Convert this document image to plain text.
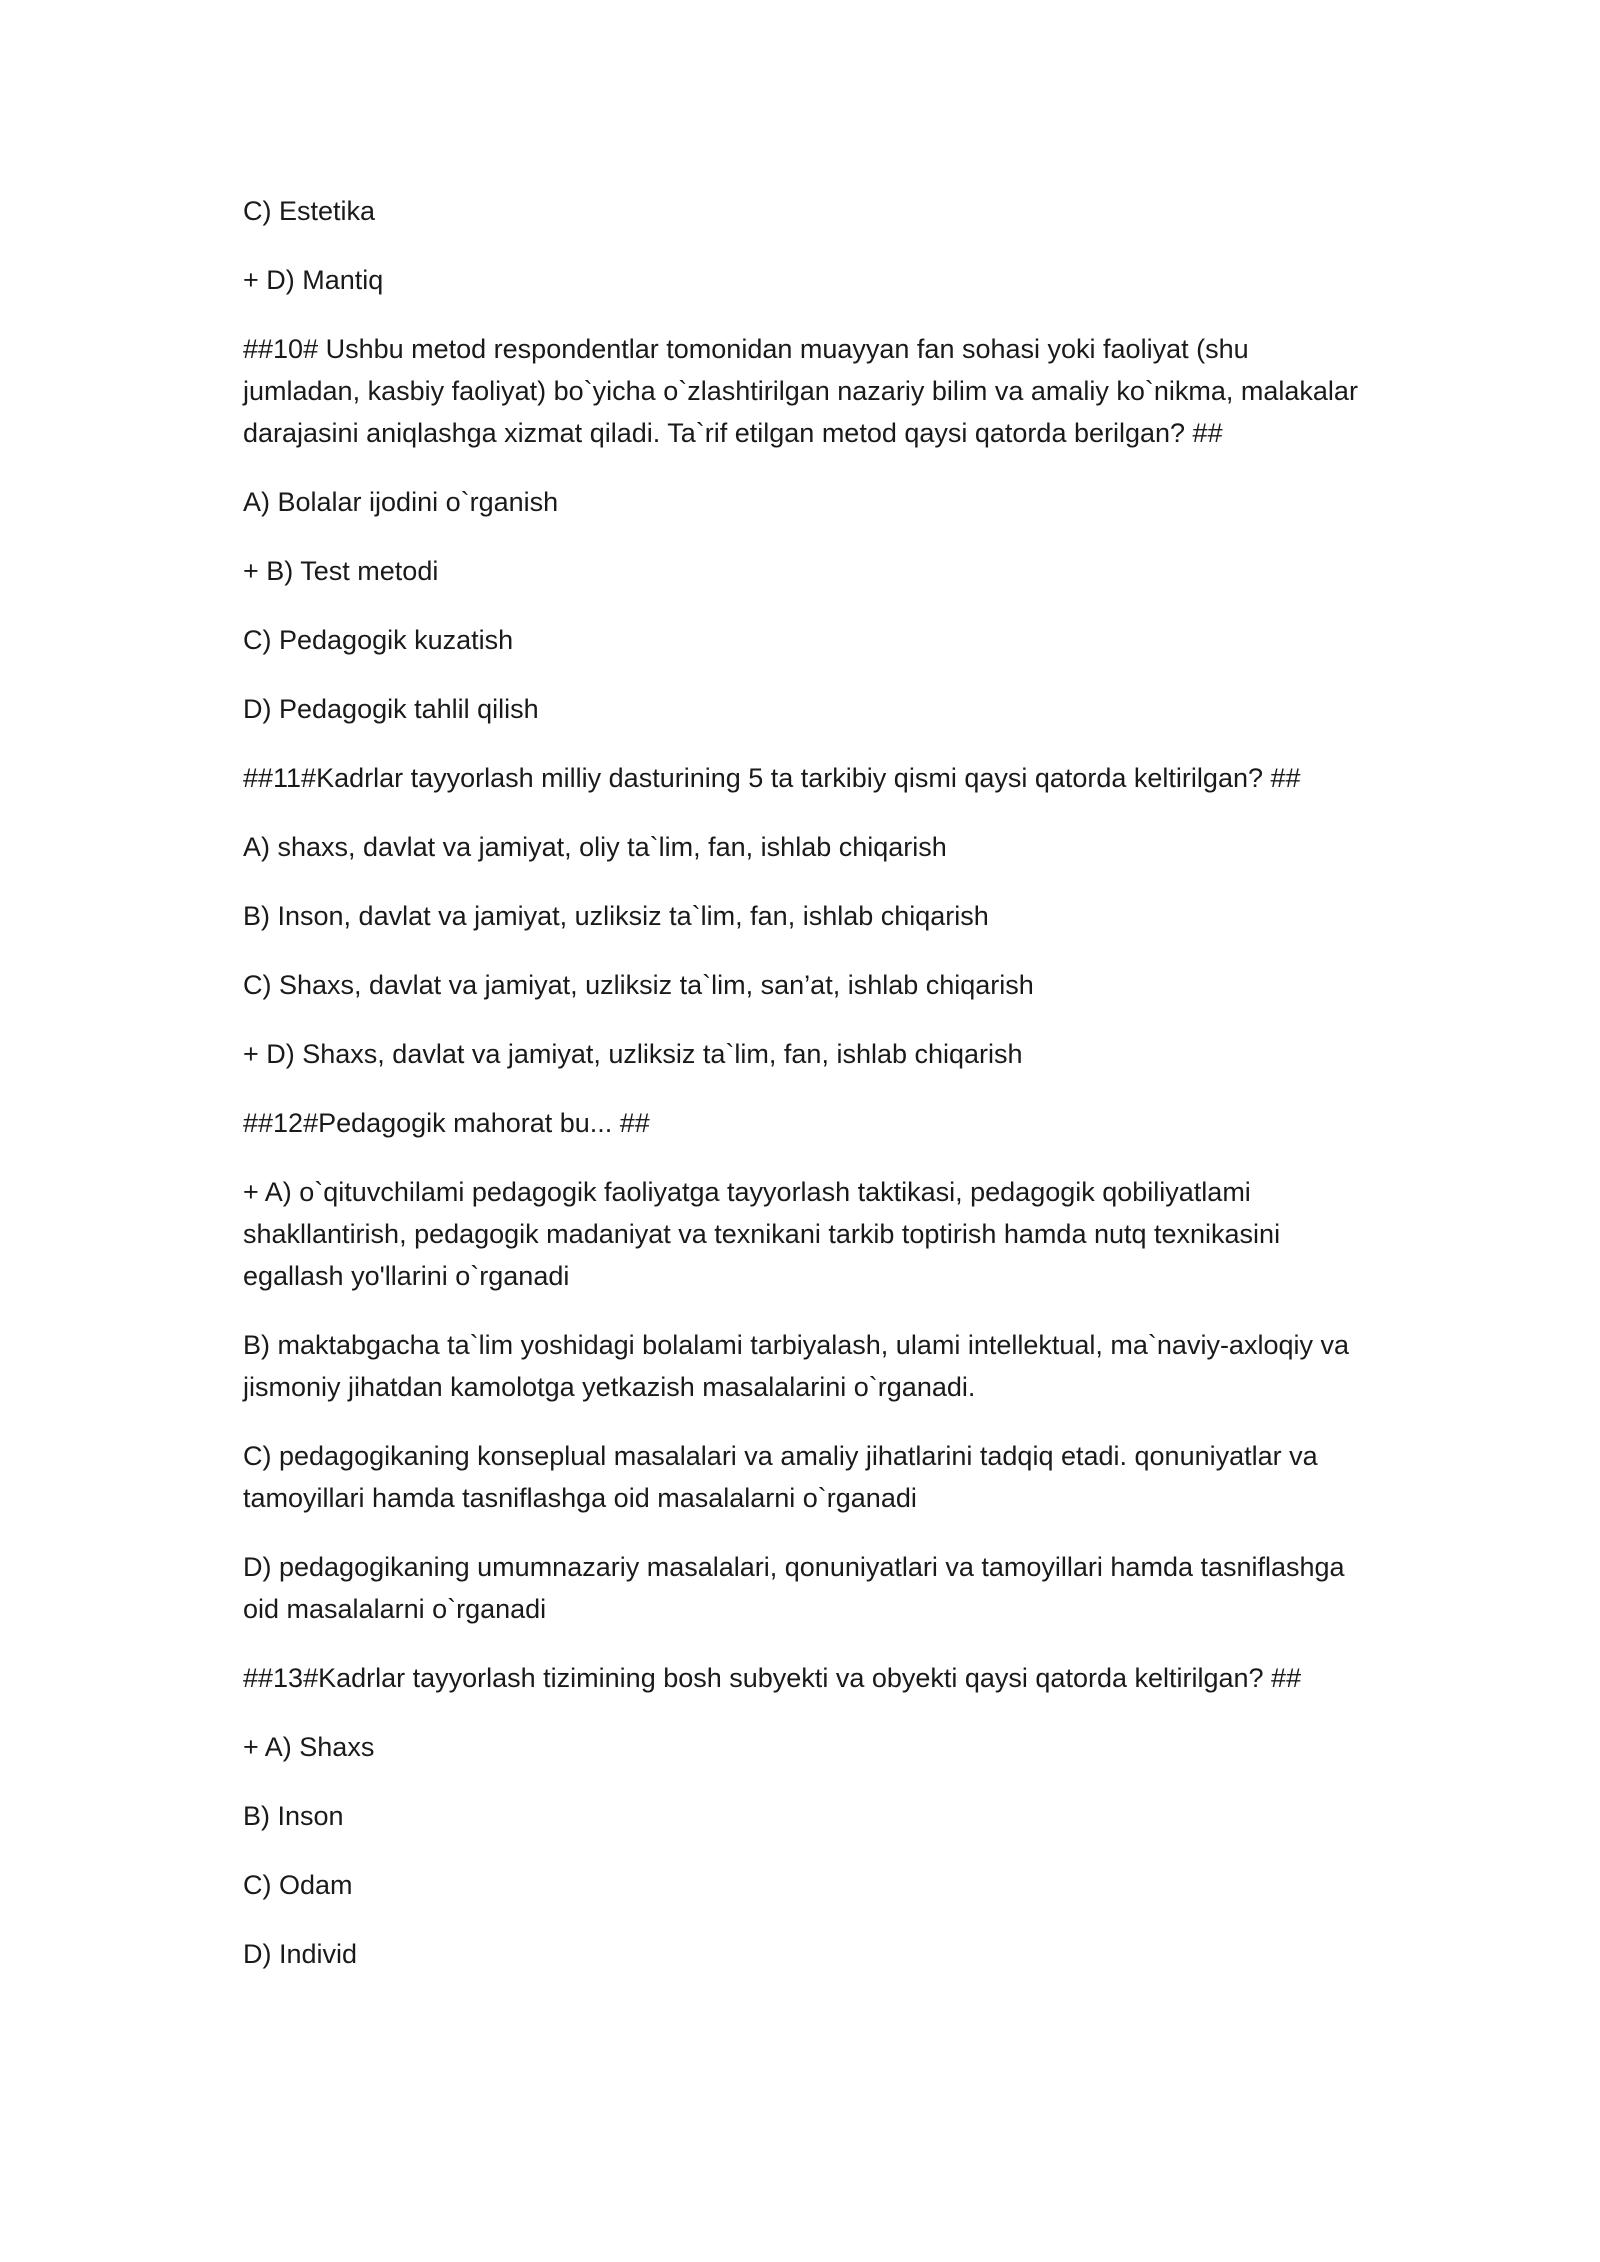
C) Estetika

+ D) Mantiq

##10# Ushbu metod respondentlar tomonidan muayyan fan sohasi yoki faoliyat (shu jumladan, kasbiy faoliyat) bo`yicha o`zlashtirilgan nazariy bilim va amaliy ko`nikma, malakalar darajasini aniqlashga xizmat qiladi. Ta`rif etilgan metod qaysi qatorda berilgan? ##

A) Bolalar ijodini o`rganish

+ B) Test metodi

C) Pedagogik kuzatish

D) Pedagogik tahlil qilish

##11#Kadrlar tayyorlash milliy dasturining 5 ta tarkibiy qismi qaysi qatorda keltirilgan? ##

A) shaxs, davlat va jamiyat, oliy ta`lim, fan, ishlab chiqarish

B) Inson, davlat va jamiyat, uzliksiz ta`lim, fan, ishlab chiqarish

C) Shaxs, davlat va jamiyat, uzliksiz ta`lim, san’at, ishlab chiqarish

+ D) Shaxs, davlat va jamiyat, uzliksiz ta`lim, fan, ishlab chiqarish

##12#Pedagogik mahorat bu... ##

+ A) o`qituvchilami pedagogik faoliyatga tayyorlash taktikasi, pedagogik qobiliyatlami shakllantirish, pedagogik madaniyat va texnikani tarkib toptirish hamda nutq texnikasini egallash yo'llarini o`rganadi

B) maktabgacha ta`lim yoshidagi bolalami tarbiyalash, ulami intellektual, ma`naviy-axloqiy va jismoniy jihatdan kamolotga yetkazish masalalarini o`rganadi.

C) pedagogikaning konseplual masalalari va amaliy jihatlarini tadqiq etadi. qonuniyatlar va tamoyillari hamda tasniflashga oid masalalarni o`rganadi

D) pedagogikaning umumnazariy masalalari, qonuniyatlari va tamoyillari hamda tasniflashga oid masalalarni o`rganadi

##13#Kadrlar tayyorlash tizimining bosh subyekti va obyekti qaysi qatorda keltirilgan? ##

+ A) Shaxs

B) Inson

C) Odam

D) Individ
